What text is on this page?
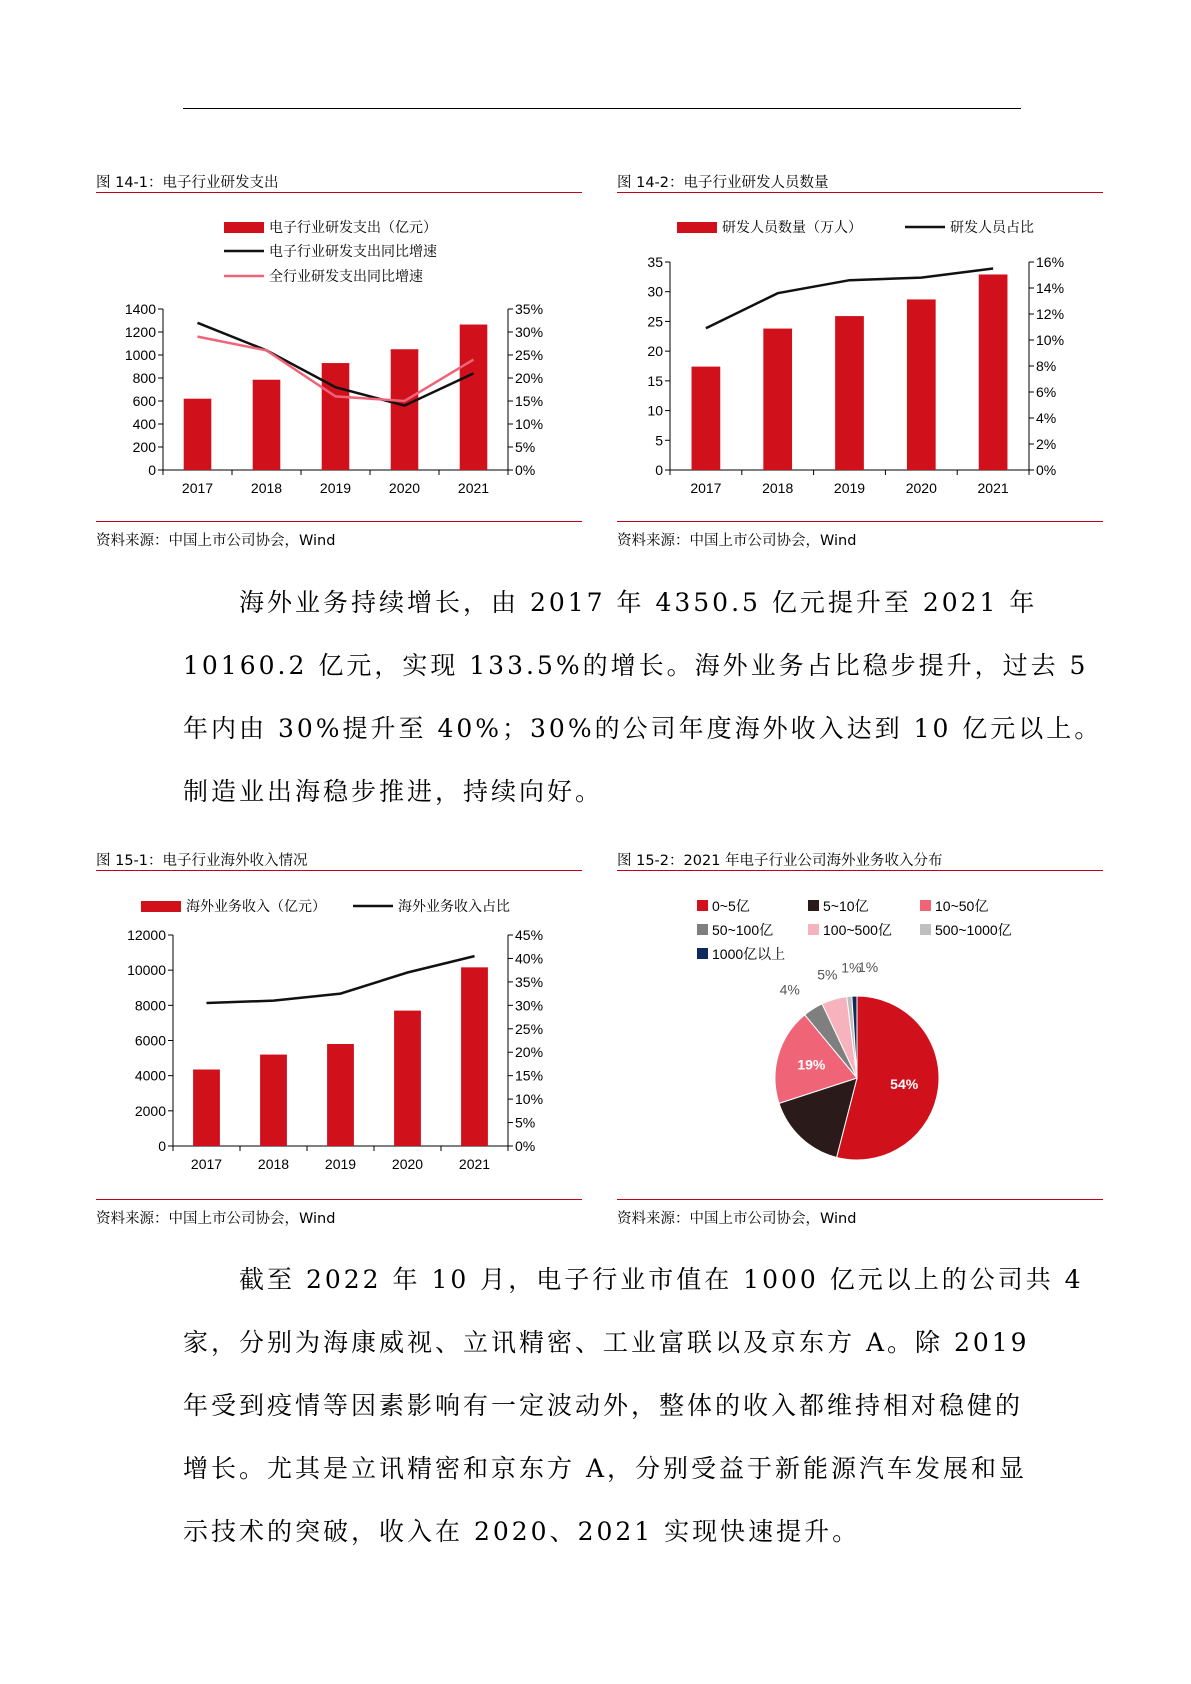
图 14-1：电子行业研发支出
电子行业研发支出（亿元）
电子行业研发支出同比增速
全行业研发支出同比增速
0
200
400
600
800
1000
1200
1400
0%
5%
10%
15%
20%
25%
30%
35%
2017	2018	2019	2020	2021
资料来源：中国上市公司协会，Wind
图 14-2：电子行业研发人员数量
研发人员数量（万人）	研发人员占比
0
5
10
15
20
25
30
35
0%
2%
4%
6%
8%
10%
12%
14%
16%
2017	2018	2019	2020	2021
资料来源：中国上市公司协会，Wind
海外业务持续增长，由 2017 年 4350.5 亿元提升至 2021 年
10160.2 亿元，实现 133.5%的增长。海外业务占比稳步提升，过去 5
年内由 30%提升至 40%；30%的公司年度海外收入达到 10 亿元以上。
制造业出海稳步推进，持续向好。
图 15-1：电子行业海外收入情况
海外业务收入（亿元）	海外业务收入占比
0
2000
4000
6000
8000
10000
12000
0%
5%
10%
15%
20%
25%
30%
35%
40%
45%
2017	2018	2019	2020	2021
资料来源：中国上市公司协会，Wind
图 15-2：2021 年电子行业公司海外业务收入分布
0~5亿	5~10亿	10~50亿
50~100亿	100~500亿	500~1000亿
1000亿以上
54%
19%
4%
5% 1%
1%
资料来源：中国上市公司协会，Wind
截至 2022 年 10 月，电子行业市值在 1000 亿元以上的公司共 4
家，分别为海康威视、立讯精密、工业富联以及京东方 A。除 2019
年受到疫情等因素影响有一定波动外，整体的收入都维持相对稳健的
增长。尤其是立讯精密和京东方 A，分别受益于新能源汽车发展和显
示技术的突破，收入在 2020、2021 实现快速提升。
